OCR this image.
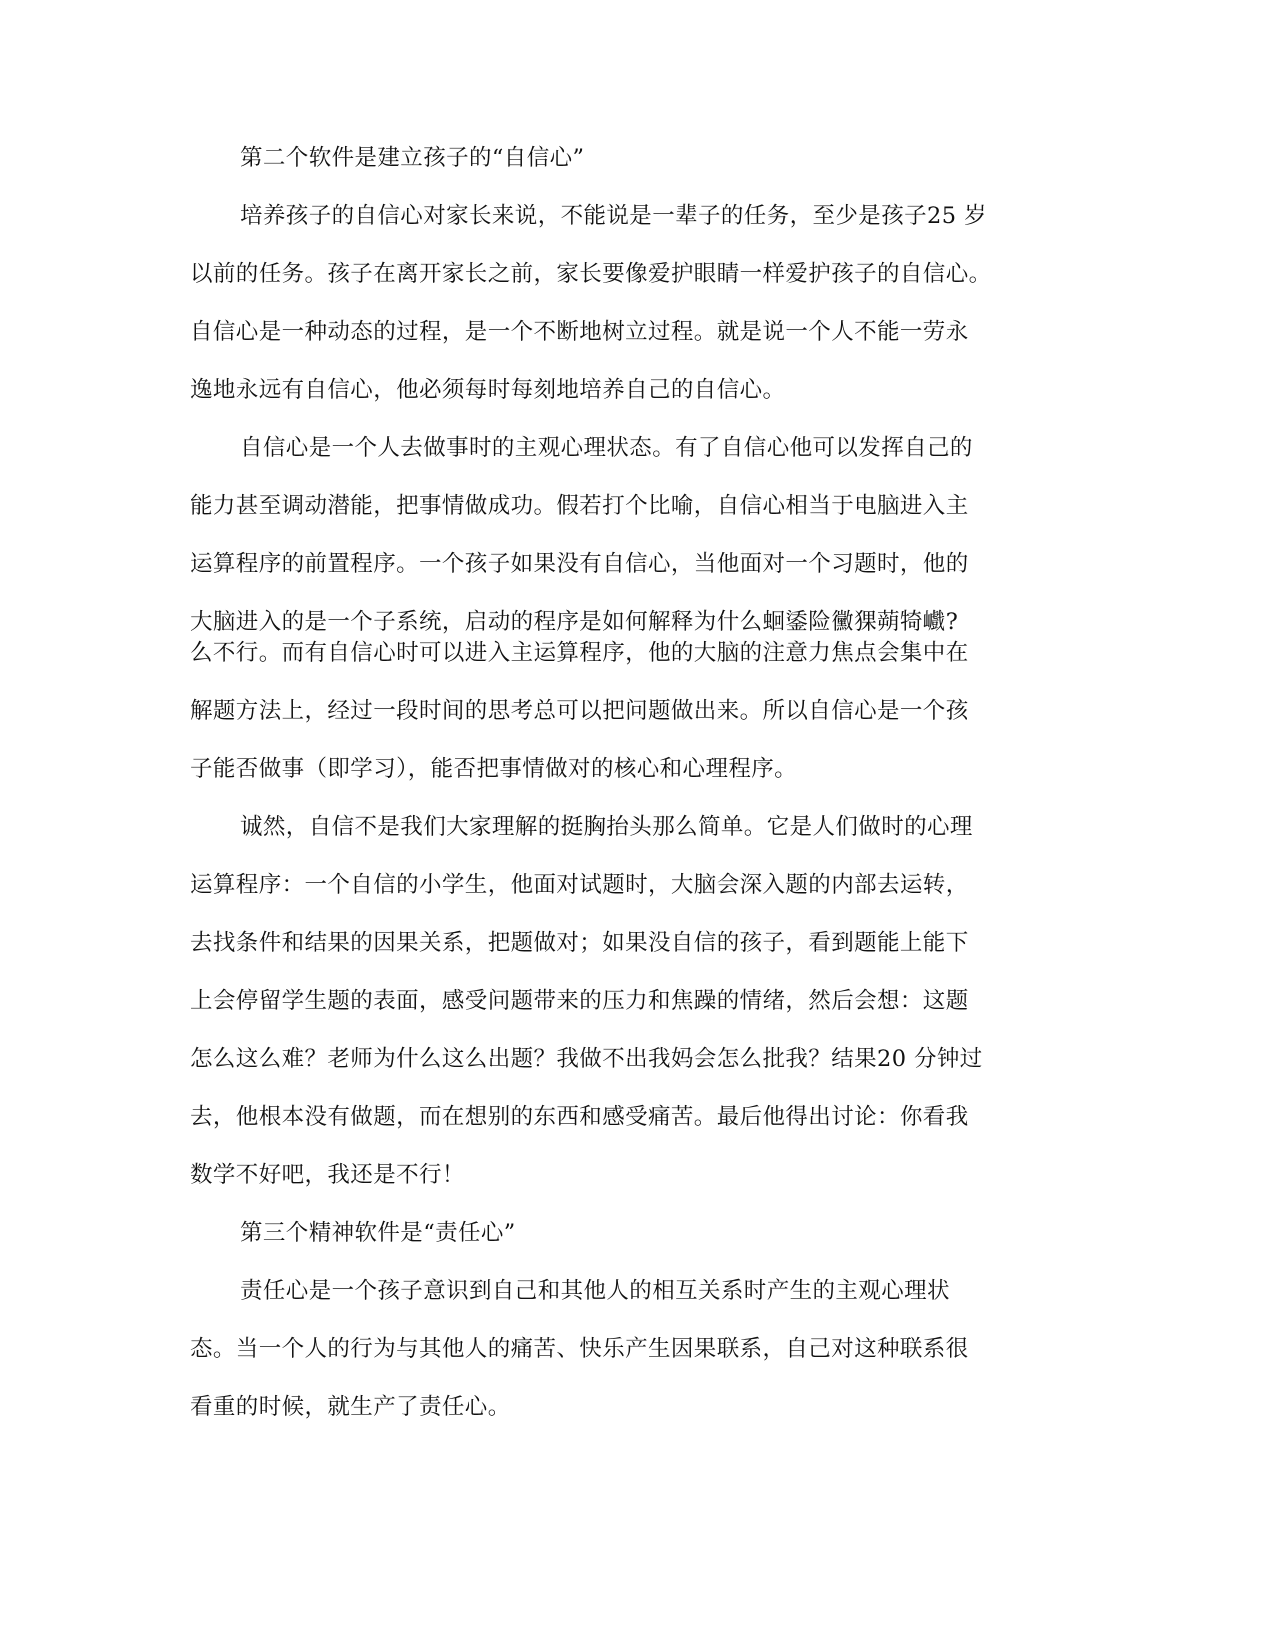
第二个软件是建立孩子的“自信心”
培养孩子的自信心对家长来说，不能说是一辈子的任务，至少是孩子25 岁
以前的任务。孩子在离开家长之前，家长要像爱护眼睛一样爱护孩子的自信心。
自信心是一种动态的过程，是一个不断地树立过程。就是说一个人不能一劳永
逸地永远有自信心，他必须每时每刻地培养自己的自信心。
自信心是一个人去做事时的主观心理状态。有了自信心他可以发挥自己的
能力甚至调动潜能，把事情做成功。假若打个比喻，自信心相当于电脑进入主
运算程序的前置程序。一个孩子如果没有自信心，当他面对一个习题时，他的
大脑进入的是一个子系统，启动的程序是如何解释为什么蛔鋈险黴猓蒴犄巇?
么不行。而有自信心时可以进入主运算程序，他的大脑的注意力焦点会集中在
解题方法上，经过一段时间的思考总可以把问题做出来。所以自信心是一个孩
子能否做事（即学习），能否把事情做对的核心和心理程序。
诚然，自信不是我们大家理解的挺胸抬头那么简单。它是人们做时的心理
运算程序：一个自信的小学生，他面对试题时，大脑会深入题的内部去运转，
去找条件和结果的因果关系，把题做对；如果没自信的孩子，看到题能上能下
上会停留学生题的表面，感受问题带来的压力和焦躁的情绪，然后会想：这题
怎么这么难？老师为什么这么出题？我做不出我妈会怎么批我？结果20 分钟过
去，他根本没有做题，而在想别的东西和感受痛苦。最后他得出讨论：你看我
数学不好吧，我还是不行！
第三个精神软件是“责任心”
责任心是一个孩子意识到自己和其他人的相互关系时产生的主观心理状
态。当一个人的行为与其他人的痛苦、快乐产生因果联系，自己对这种联系很
看重的时候，就生产了责任心。
